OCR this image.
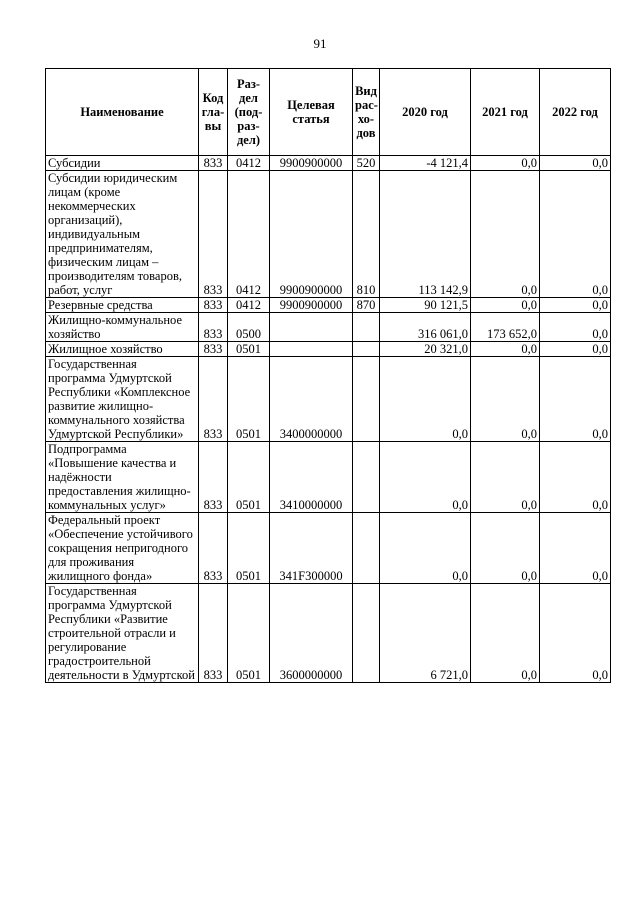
91
Наименование	Код
гла-
вы	Раз-
дел
(под-
раз-
дел)	Целевая
статья	Вид
рас-
хо-
дов	2020 год	2021 год	2022 год
Субсидии	833	0412	9900900000	520	-4 121,4	0,0	0,0
Субсидии юридическим лицам (кроме некоммерческих организаций), индивидуальным предпринимателям, физическим лицам – производителям товаров, работ, услуг	833	0412	9900900000	810	113 142,9	0,0	0,0
Резервные средства	833	0412	9900900000	870	90 121,5	0,0	0,0
Жилищно-коммунальное хозяйство	833	0500			316 061,0	173 652,0	0,0
Жилищное хозяйство	833	0501			20 321,0	0,0	0,0
Государственная программа Удмуртской Республики «Комплексное развитие жилищно-коммунального хозяйства Удмуртской Республики»	833	0501	3400000000		0,0	0,0	0,0
Подпрограмма «Повышение качества и надёжности предоставления жилищно-коммунальных услуг»	833	0501	3410000000		0,0	0,0	0,0
Федеральный проект «Обеспечение устойчивого сокращения непригодного для проживания жилищного фонда»	833	0501	341F300000		0,0	0,0	0,0
Государственная программа Удмуртской Республики «Развитие строительной отрасли и регулирование градостроительной деятельности в Удмуртской	833	0501	3600000000		6 721,0	0,0	0,0
